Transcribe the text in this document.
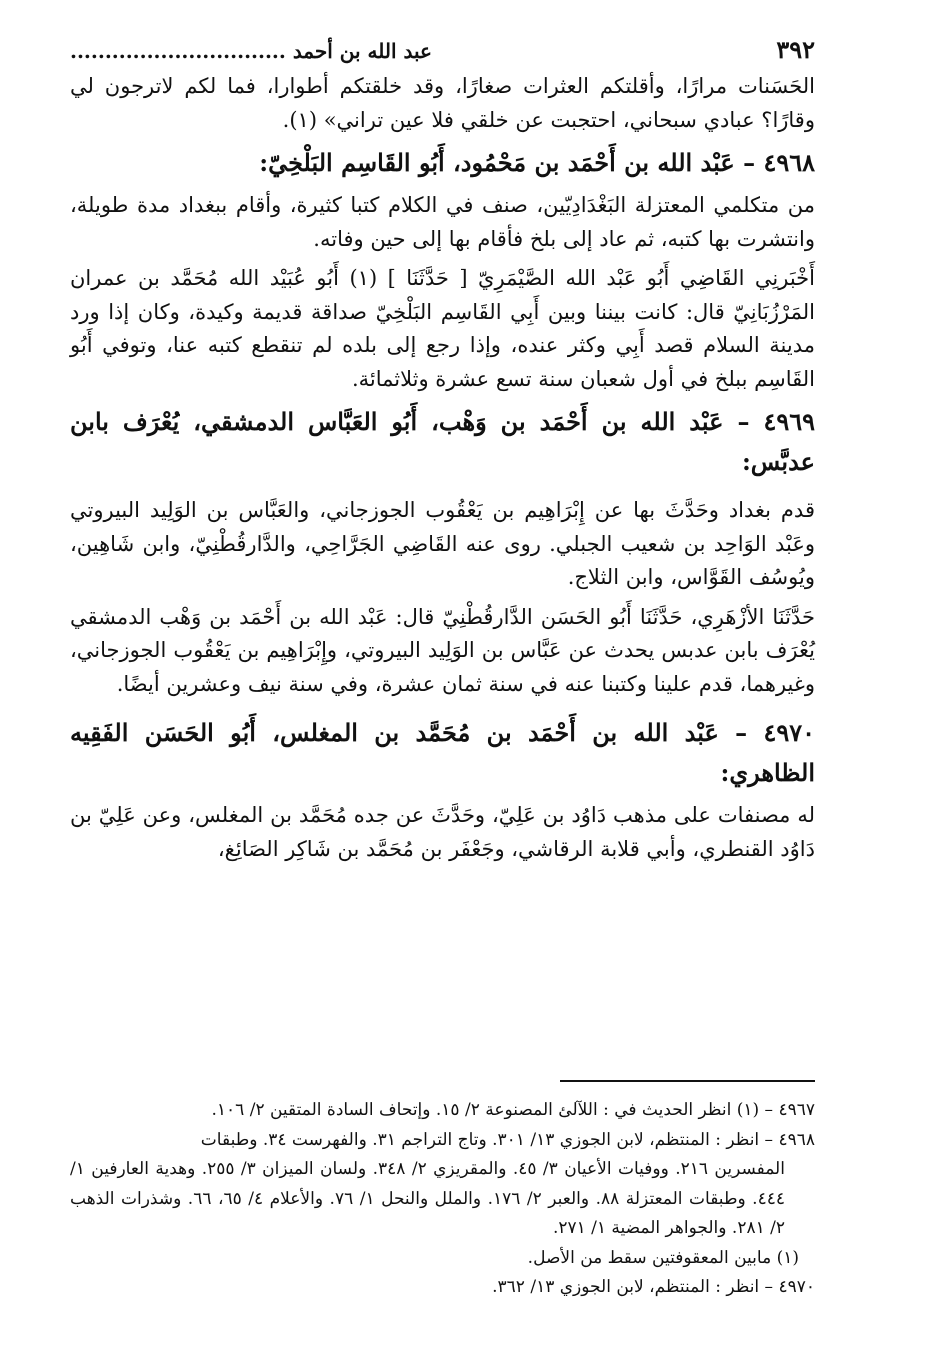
٣٩٢
عبد الله بن أحمد ...............................

الحَسَنات مرارًا، وأقلتكم العثرات صغارًا، وقد خلقتكم أطوارا، فما لكم لاترجون لي وقارًا؟ عبادي سبحاني، احتجبت عن خلقي فلا عين تراني» (١).

٤٩٦٨ – عَبْد الله بن أَحْمَد بن مَحْمُود، أَبُو القَاسِم البَلْخِيّ:

من متكلمي المعتزلة البَغْدَادِيّين، صنف في الكلام كتبا كثيرة، وأقام ببغداد مدة طويلة، وانتشرت بها كتبه، ثم عاد إلى بلخ فأقام بها إلى حين وفاته.

أَخْبَرنِي القَاضِي أَبُو عَبْد الله الصَّيْمَرِيّ [ حَدَّثَنَا ] (١) أَبُو عُبَيْد الله مُحَمَّد بن عمران المَرْزُبَانِيّ قال: كانت بيننا وبين أَبِي القَاسِم البَلْخِيّ صداقة قديمة وكيدة، وكان إذا ورد مدينة السلام قصد أَبِي وكثر عنده، وإذا رجع إلى بلده لم تنقطع كتبه عنا، وتوفي أَبُو القَاسِم ببلخ في أول شعبان سنة تسع عشرة وثلاثمائة.

٤٩٦٩ – عَبْد الله بن أَحْمَد بن وَهْب، أَبُو العَبَّاس الدمشقي، يُعْرَف بابن عدبَّس:

قدم بغداد وحَدَّثَ بها عن إِبْرَاهِيم بن يَعْقُوب الجوزجاني، والعَبَّاس بن الوَلِيد البيروتي وعَبْد الوَاحِد بن شعيب الجبلي. روى عنه القَاضِي الجَرَّاحِي، والدَّارقُطْنِيّ، وابن شَاهِين، ويُوسُف القَوَّاس، وابن الثلاج.

حَدَّثَنَا الأزْهَرِي، حَدَّثَنَا أَبُو الحَسَن الدَّارقُطْنِيّ قال: عَبْد الله بن أَحْمَد بن وَهْب الدمشقي يُعْرَف بابن عدبس يحدث عن عَبَّاس بن الوَلِيد البيروتي، وإِبْرَاهِيم بن يَعْقُوب الجوزجاني، وغيرهما، قدم علينا وكتبنا عنه في سنة ثمان عشرة، وفي سنة نيف وعشرين أيضًا.

٤٩٧٠ – عَبْد الله بن أَحْمَد بن مُحَمَّد بن المغلس، أَبُو الحَسَن الفَقِيه الظاهري:

له مصنفات على مذهب دَاوُد بن عَلِيّ، وحَدَّثَ عن جده مُحَمَّد بن المغلس، وعن عَلِيّ بن دَاوُد القنطري، وأبي قلابة الرقاشي، وجَعْفَر بن مُحَمَّد بن شَاكِر الصَائِغ،

٤٩٦٧ – (١) انظر الحديث في : اللآلئ المصنوعة ٢/ ١٥. وإتحاف السادة المتقين ٢/ ١٠٦.

٤٩٦٨ – انظر : المنتظم، لابن الجوزي ١٣/ ٣٠١. وتاج التراجم ٣١. والفهرست ٣٤. وطبقات

المفسرين ٢١٦. ووفيات الأعيان ٣/ ٤٥. والمقريزي ٢/ ٣٤٨. ولسان الميزان ٣/ ٢٥٥. وهدية العارفين ١/ ٤٤٤. وطبقات المعتزلة ٨٨. والعبر ٢/ ١٧٦. والملل والنحل ١/ ٧٦. والأعلام ٤/ ٦٥، ٦٦. وشذرات الذهب ٢/ ٢٨١. والجواهر المضية ١/ ٢٧١.

(١) مابين المعقوفتين سقط من الأصل.

٤٩٧٠ – انظر : المنتظم، لابن الجوزي ١٣/ ٣٦٢.
